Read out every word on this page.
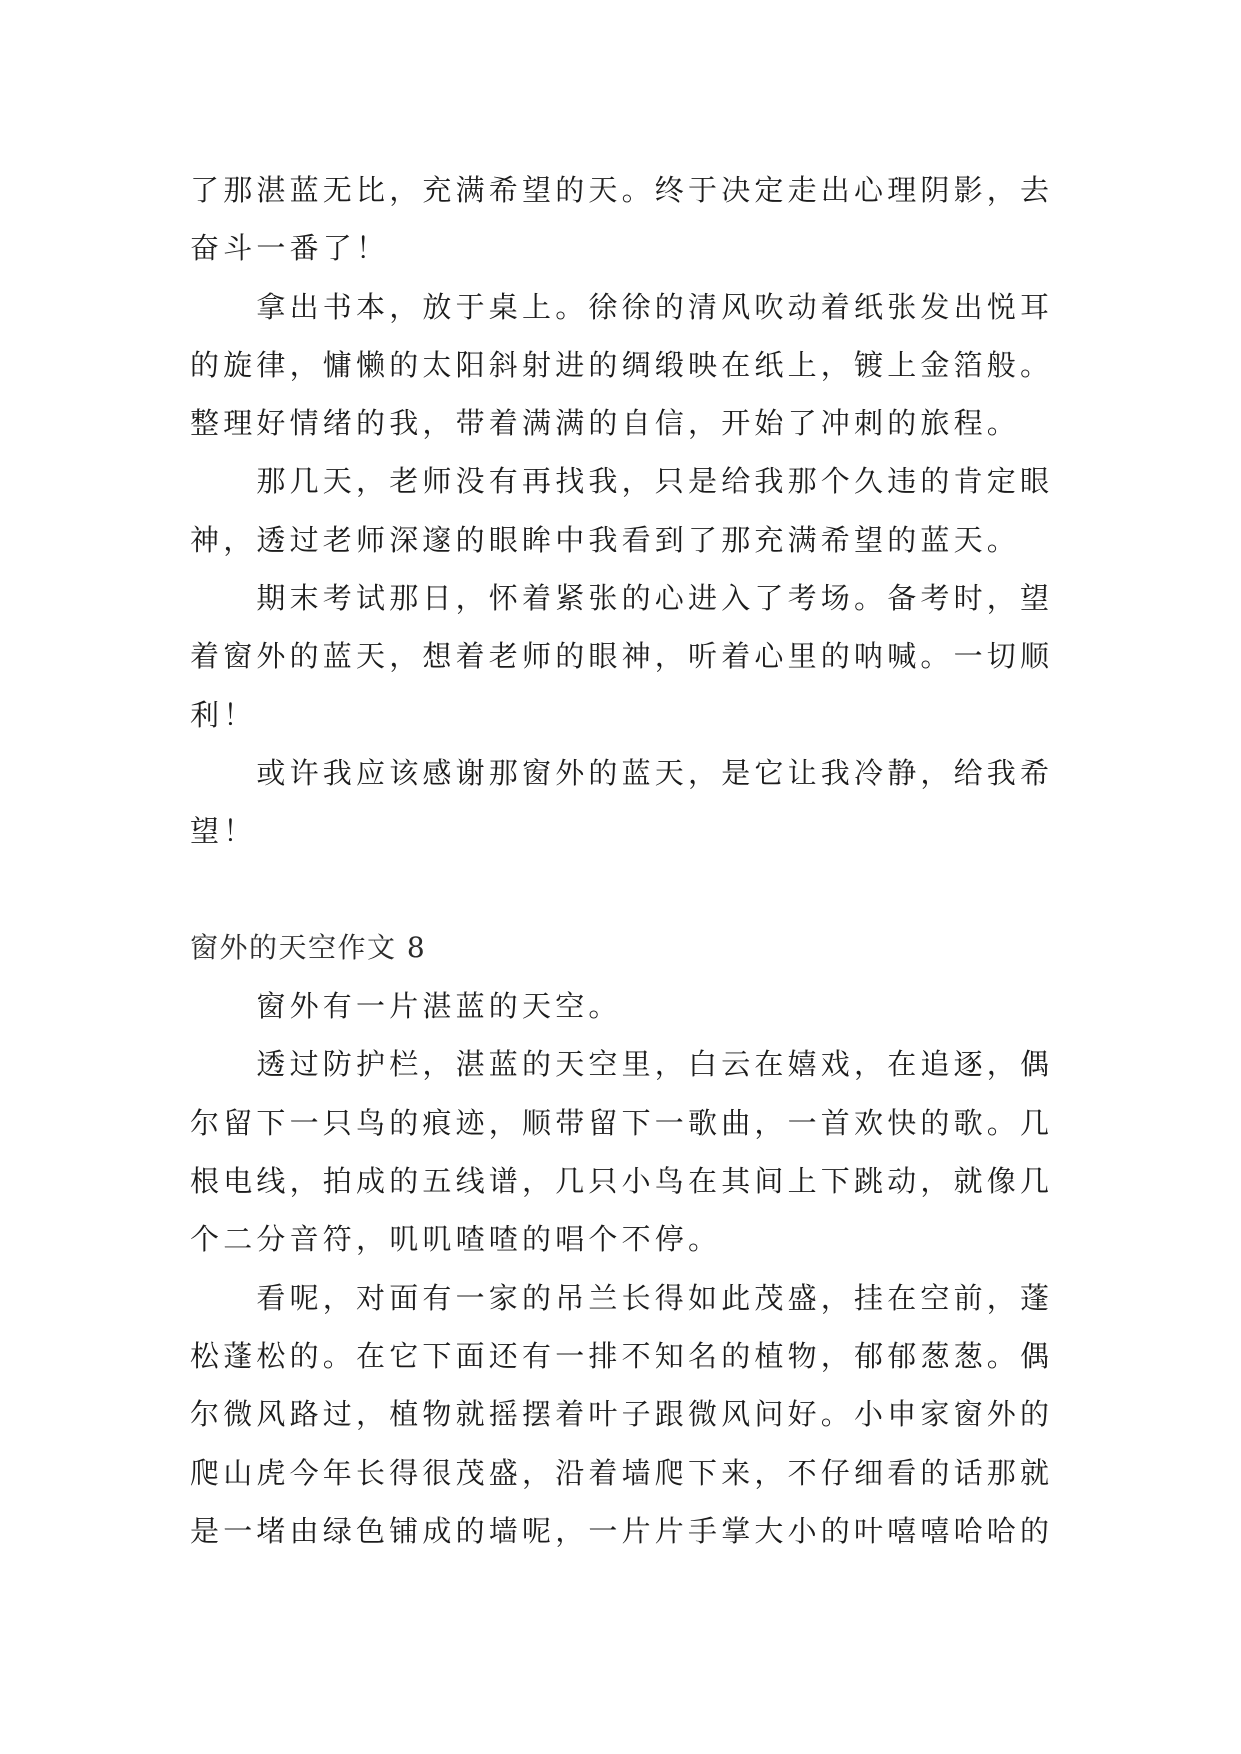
了那湛蓝无比，充满希望的天。终于决定走出心理阴影，去
奋斗一番了！
拿出书本，放于桌上。徐徐的清风吹动着纸张发出悦耳
的旋律，慵懒的太阳斜射进的绸缎映在纸上，镀上金箔般。
整理好情绪的我，带着满满的自信，开始了冲刺的旅程。
那几天，老师没有再找我，只是给我那个久违的肯定眼
神，透过老师深邃的眼眸中我看到了那充满希望的蓝天。
期末考试那日，怀着紧张的心进入了考场。备考时，望
着窗外的蓝天，想着老师的眼神，听着心里的呐喊。一切顺
利！
或许我应该感谢那窗外的蓝天，是它让我冷静，给我希
望！
窗外的天空作文 8
窗外有一片湛蓝的天空。
透过防护栏，湛蓝的天空里，白云在嬉戏，在追逐，偶
尔留下一只鸟的痕迹，顺带留下一歌曲，一首欢快的歌。几
根电线，拍成的五线谱，几只小鸟在其间上下跳动，就像几
个二分音符，叽叽喳喳的唱个不停。
看呢，对面有一家的吊兰长得如此茂盛，挂在空前，蓬
松蓬松的。在它下面还有一排不知名的植物，郁郁葱葱。偶
尔微风路过，植物就摇摆着叶子跟微风问好。小申家窗外的
爬山虎今年长得很茂盛，沿着墙爬下来，不仔细看的话那就
是一堵由绿色铺成的墙呢，一片片手掌大小的叶嘻嘻哈哈的
